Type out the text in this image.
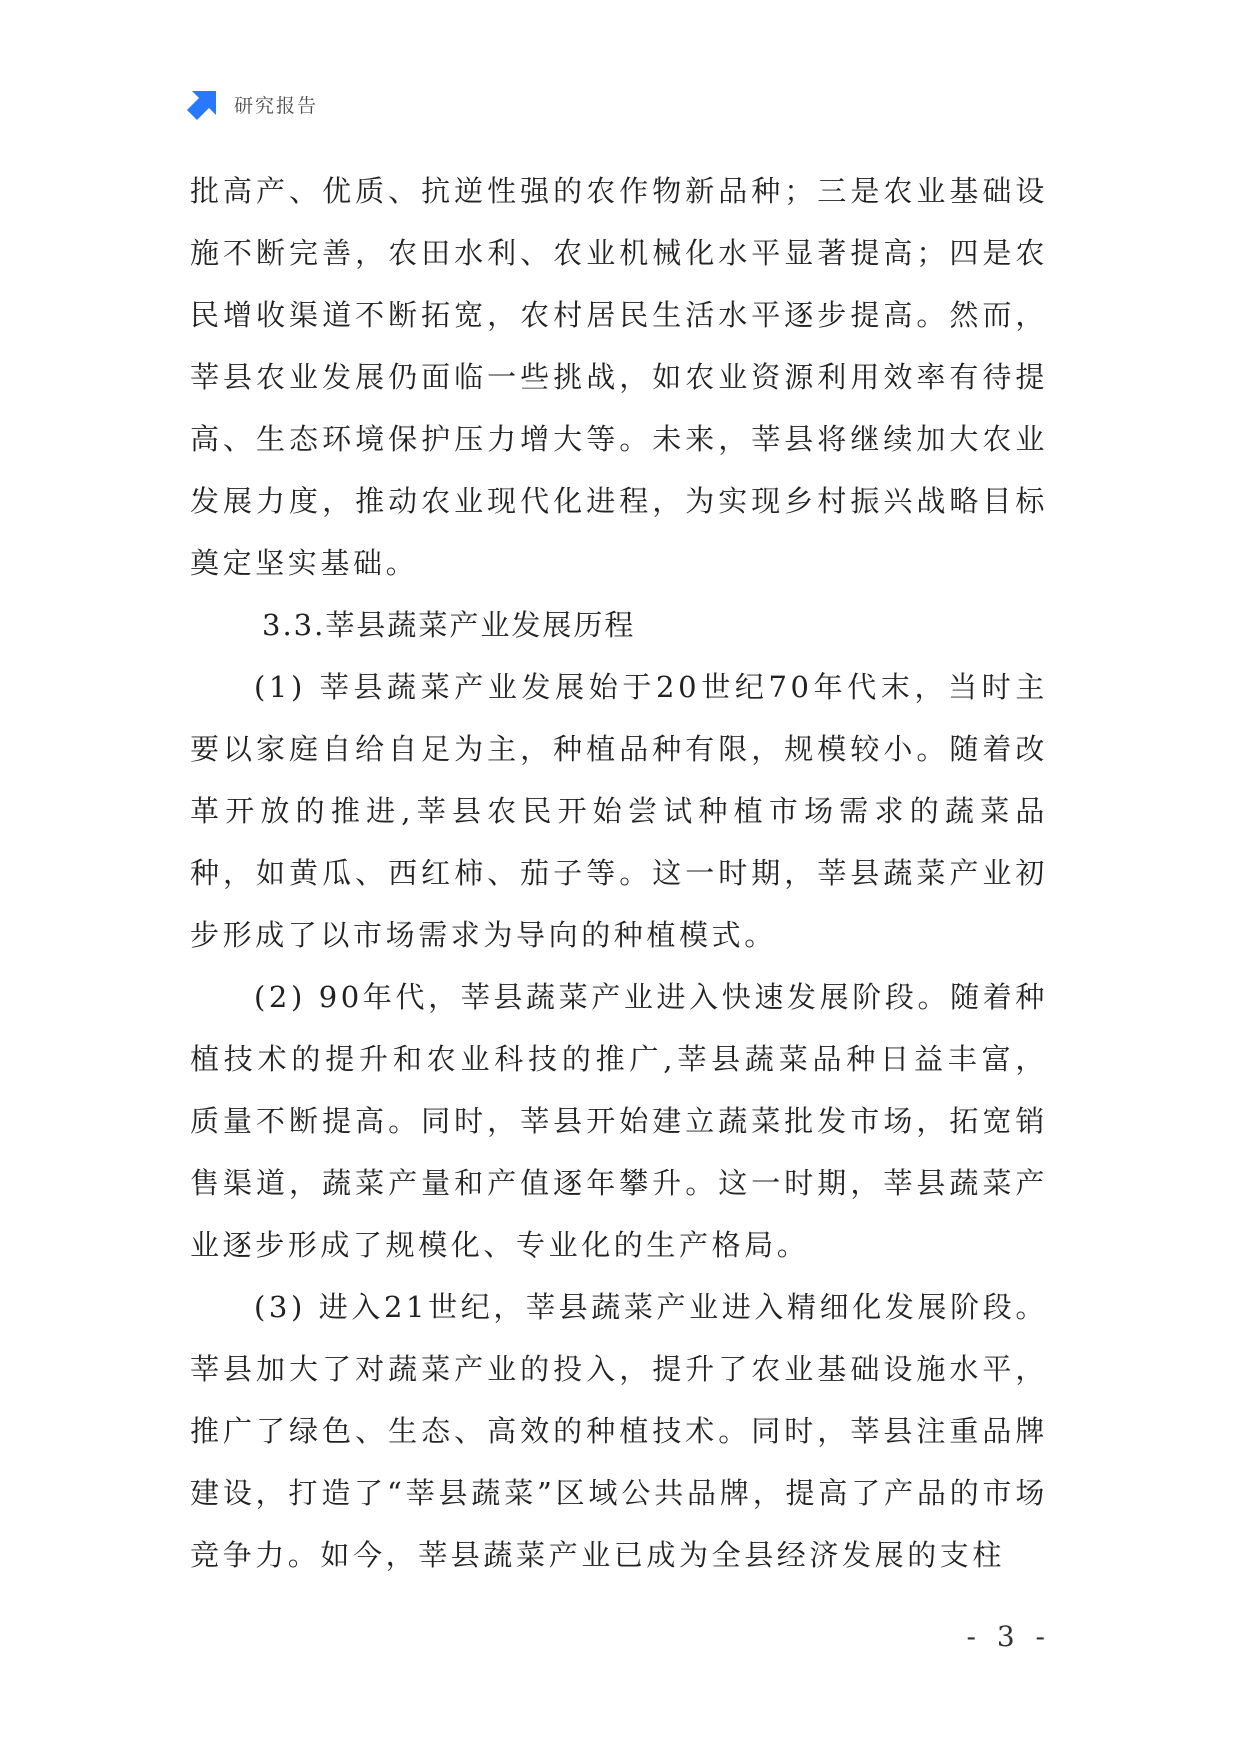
研究报告

批高产、优质、抗逆性强的农作物新品种；三是农业基础设施不断完善，农田水利、农业机械化水平显著提高；四是农民增收渠道不断拓宽，农村居民生活水平逐步提高。然而，莘县农业发展仍面临一些挑战，如农业资源利用效率有待提高、生态环境保护压力增大等。未来，莘县将继续加大农业发展力度，推动农业现代化进程，为实现乡村振兴战略目标奠定坚实基础。

3.3.莘县蔬菜产业发展历程

(1) 莘县蔬菜产业发展始于20世纪70年代末，当时主要以家庭自给自足为主，种植品种有限，规模较小。随着改革开放的推进,莘县农民开始尝试种植市场需求的蔬菜品种，如黄瓜、西红柿、茄子等。这一时期，莘县蔬菜产业初步形成了以市场需求为导向的种植模式。

(2) 90年代，莘县蔬菜产业进入快速发展阶段。随着种植技术的提升和农业科技的推广,莘县蔬菜品种日益丰富，质量不断提高。同时，莘县开始建立蔬菜批发市场，拓宽销售渠道，蔬菜产量和产值逐年攀升。这一时期，莘县蔬菜产业逐步形成了规模化、专业化的生产格局。

(3) 进入21世纪，莘县蔬菜产业进入精细化发展阶段。莘县加大了对蔬菜产业的投入，提升了农业基础设施水平，推广了绿色、生态、高效的种植技术。同时，莘县注重品牌建设，打造了“莘县蔬菜”区域公共品牌，提高了产品的市场竞争力。如今，莘县蔬菜产业已成为全县经济发展的支柱

- 3 -
